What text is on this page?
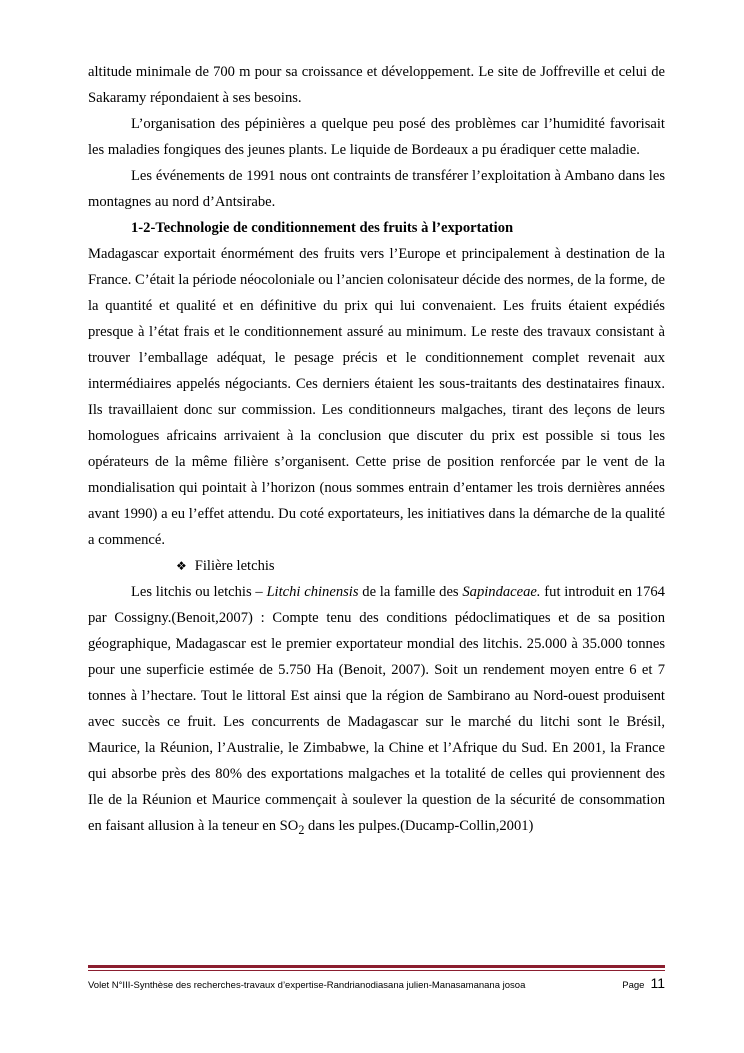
altitude minimale de 700 m pour sa croissance et développement. Le site de Joffreville et celui de Sakaramy répondaient à ses besoins.

L’organisation des pépinières a quelque peu posé des problèmes car l’humidité favorisait les maladies fongiques des jeunes plants. Le liquide de Bordeaux a pu éradiquer cette maladie.

Les événements de 1991 nous ont contraints de transférer l’exploitation à Ambano dans les montagnes au nord d’Antsirabe.

1-2-Technologie de conditionnement des fruits à l’exportation

Madagascar exportait énormément des fruits vers l’Europe et principalement à destination de la France. C’était la période néocoloniale ou l’ancien colonisateur décide des normes, de la forme, de la quantité et qualité et en définitive du prix qui lui convenaient. Les fruits étaient expédiés presque à l’état frais et le conditionnement assuré au minimum. Le reste des travaux consistant à trouver l’emballage adéquat, le pesage précis et le conditionnement complet revenait aux intermédiaires appelés négociants. Ces derniers étaient les sous-traitants des destinataires finaux. Ils travaillaient donc sur commission. Les conditionneurs malgaches, tirant des leçons de leurs homologues africains arrivaient à la conclusion que discuter du prix est possible si tous les opérateurs de la même filière s’organisent. Cette prise de position renforcée par le vent de la mondialisation qui pointait à l’horizon (nous sommes entrain d’entamer les trois dernières années avant 1990) a eu l’effet attendu. Du coté exportateurs, les initiatives dans la démarche de la qualité a commencé.

❖ Filière letchis

Les litchis ou letchis – Litchi chinensis de la famille des Sapindaceae. fut introduit en 1764 par Cossigny.(Benoit,2007) : Compte tenu des conditions pédoclimatiques et de sa position géographique, Madagascar est le premier exportateur mondial des litchis. 25.000 à 35.000 tonnes pour une superficie estimée de 5.750 Ha (Benoit, 2007). Soit un rendement moyen entre 6 et 7 tonnes à l’hectare. Tout le littoral Est ainsi que la région de Sambirano au Nord-ouest produisent avec succès ce fruit. Les concurrents de Madagascar sur le marché du litchi sont le Brésil, Maurice, la Réunion, l’Australie, le Zimbabwe, la Chine et l’Afrique du Sud. En 2001, la France qui absorbe près des 80% des exportations malgaches et la totalité de celles qui proviennent des Ile de la Réunion et Maurice commençait à soulever la question de la sécurité de consommation en faisant allusion à la teneur en $SO_2$ dans les pulpes.(Ducamp-Collin,2001)

Volet N°III-Synthèse des recherches-travaux d’expertise-Randrianodiasana julien-Manasamanana josoa	Page 11
